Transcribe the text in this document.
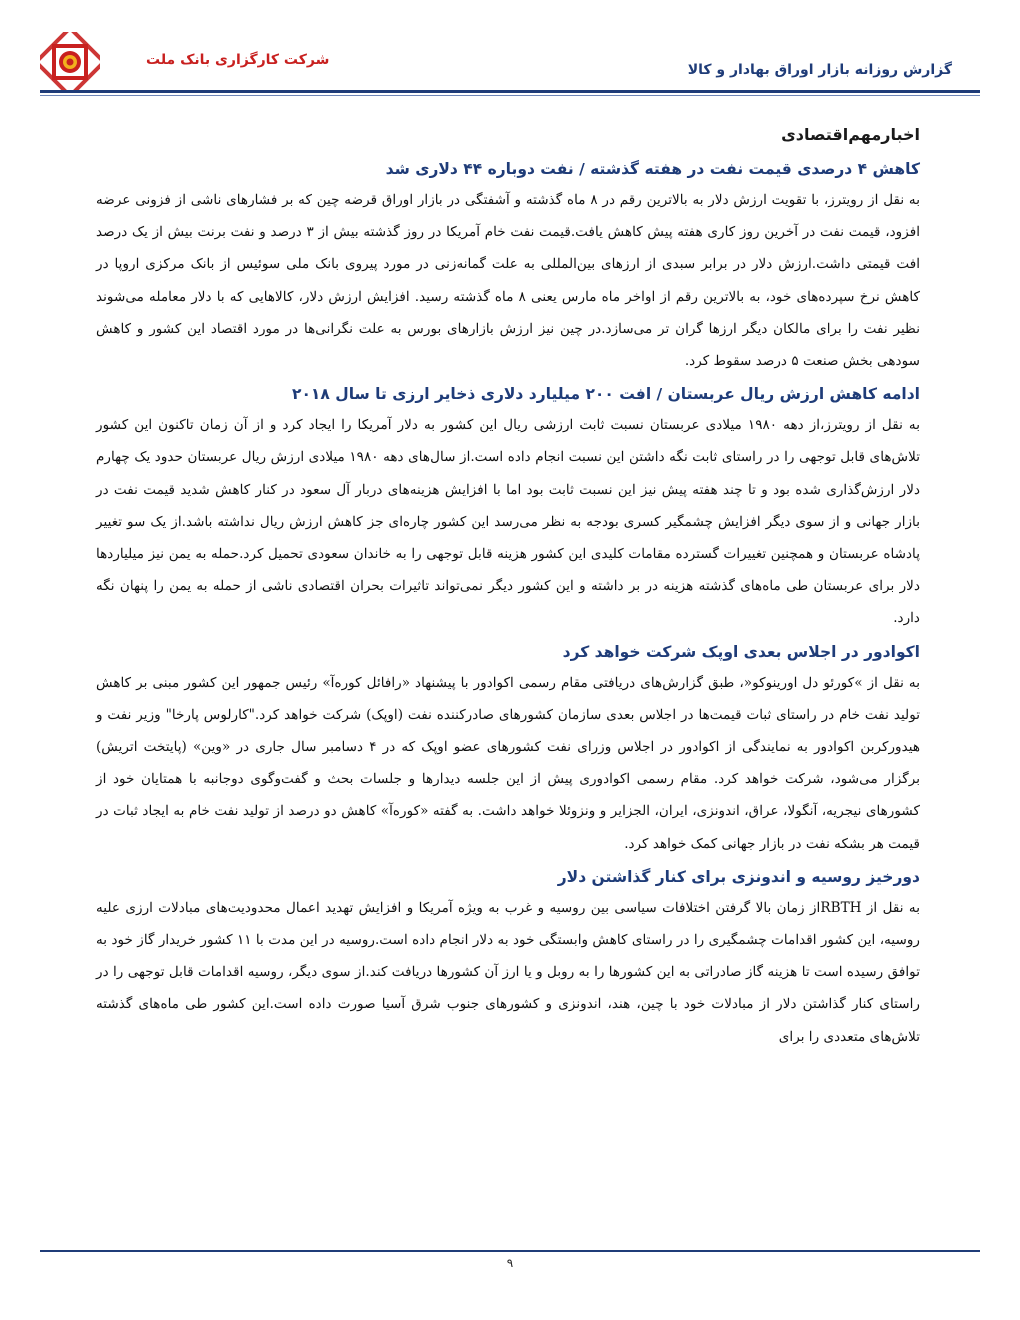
شرکت کارگزاری بانک ملت
گزارش روزانه بازار اوراق بهادار و کالا
اخبارمهم‌اقتصادی
کاهش ۴ درصدی قیمت نفت در هفته گذشته / نفت دوباره ۴۴ دلاری شد

به نقل از رویترز، با تقویت ارزش دلار به بالاترین رقم در ۸ ماه گذشته و آشفتگی در بازار اوراق قرضه چین که بر فشارهای ناشی از فزونی عرضه افزود، قیمت نفت در آخرین روز کاری هفته پیش کاهش یافت.قیمت نفت خام آمریکا در روز گذشته بیش از ۳ درصد و نفت برنت بیش از یک درصد افت قیمتی داشت.ارزش دلار در برابر سبدی از ارزهای بین‌المللی به علت گمانه‌زنی در مورد پیروی بانک ملی سوئیس از بانک مرکزی اروپا در کاهش نرخ سپرده‌های خود، به بالاترین رقم از اواخر ماه مارس یعنی ۸ ماه گذشته رسید. افزایش ارزش دلار، کالاهایی که با دلار معامله می‌شوند نظیر نفت را برای مالکان دیگر ارزها گران تر می‌سازد.در چین نیز ارزش بازارهای بورس به علت نگرانی‌ها در مورد اقتصاد این کشور و کاهش سودهی بخش صنعت ۵ درصد سقوط کرد.

ادامه کاهش ارزش ریال عربستان / افت ۲۰۰ میلیارد دلاری ذخایر ارزی تا سال ۲۰۱۸

به نقل از رویترز،از دهه ۱۹۸۰ میلادی عربستان نسبت ثابت ارزشی ریال این کشور به دلار آمریکا را ایجاد کرد و از آن زمان تاکنون این کشور تلاش‌های قابل توجهی را در راستای ثابت نگه داشتن این نسبت انجام داده است.از سال‌های دهه ۱۹۸۰ میلادی ارزش ریال عربستان حدود یک چهارم دلار ارزش‌گذاری شده بود و تا چند هفته پیش نیز این نسبت ثابت بود اما با افزایش هزینه‌های دربار آل سعود در کنار کاهش شدید قیمت نفت در بازار جهانی و از سوی دیگر افزایش چشمگیر کسری بودجه به نظر می‌رسد این کشور چاره‌ای جز کاهش ارزش ریال نداشته باشد.از یک سو تغییر پادشاه عربستان و همچنین تغییرات گسترده مقامات کلیدی این کشور هزینه قابل توجهی را به خاندان سعودی تحمیل کرد.حمله به یمن نیز میلیاردها دلار برای عربستان طی ماه‌های گذشته هزینه در بر داشته و این کشور دیگر نمی‌تواند تاثیرات بحران اقتصادی ناشی از حمله به یمن را پنهان نگه دارد.

اکوادور در اجلاس بعدی اوپک شرکت خواهد کرد

به نقل از »کورئو دل اورینوکو«، طبق گزارش‌های دریافتی مقام رسمی اکوادور با پیشنهاد «رافائل کوره‌آ» رئیس جمهور این کشور مبنی بر کاهش تولید نفت خام در راستای ثبات قیمت‌ها در اجلاس بعدی سازمان کشورهای صادرکننده نفت (اوپک) شرکت خواهد کرد."کارلوس پارخا" وزیر نفت و هیدورکربن اکوادور به نمایندگی از اکوادور در اجلاس وزرای نفت کشورهای عضو اوپک که در ۴ دسامبر سال جاری در «وین» (پایتخت اتریش) برگزار می‌شود، شرکت خواهد کرد. مقام رسمی اکوادوری پیش از این جلسه دیدارها و جلسات بحث و گفت‌وگوی دوجانبه با همتایان خود از کشورهای نیجریه، آنگولا، عراق، اندونزی، ایران، الجزایر و ونزوئلا خواهد داشت. به گفته «کوره‌آ» کاهش دو درصد از تولید نفت خام به ایجاد ثبات در قیمت هر بشکه نفت در بازار جهانی کمک خواهد کرد.

دورخیز روسیه و اندونزی برای کنار گذاشتن دلار

به نقل از RBTHاز زمان بالا گرفتن اختلافات سیاسی بین روسیه و غرب به ویژه آمریکا و افزایش تهدید اعمال محدودیت‌های مبادلات ارزی علیه روسیه، این کشور اقدامات چشمگیری را در راستای کاهش وابستگی خود به دلار انجام داده است.روسیه در این مدت با ۱۱ کشور خریدار گاز خود به توافق رسیده است تا هزینه گاز صادراتی به این کشورها را به روبل و یا ارز آن کشورها دریافت کند.از سوی دیگر، روسیه اقدامات قابل توجهی را در راستای کنار گذاشتن دلار از مبادلات خود با چین، هند، اندونزی و کشورهای جنوب شرق آسیا صورت داده است.این کشور طی ماه‌های گذشته تلاش‌های متعددی را برای

۹
